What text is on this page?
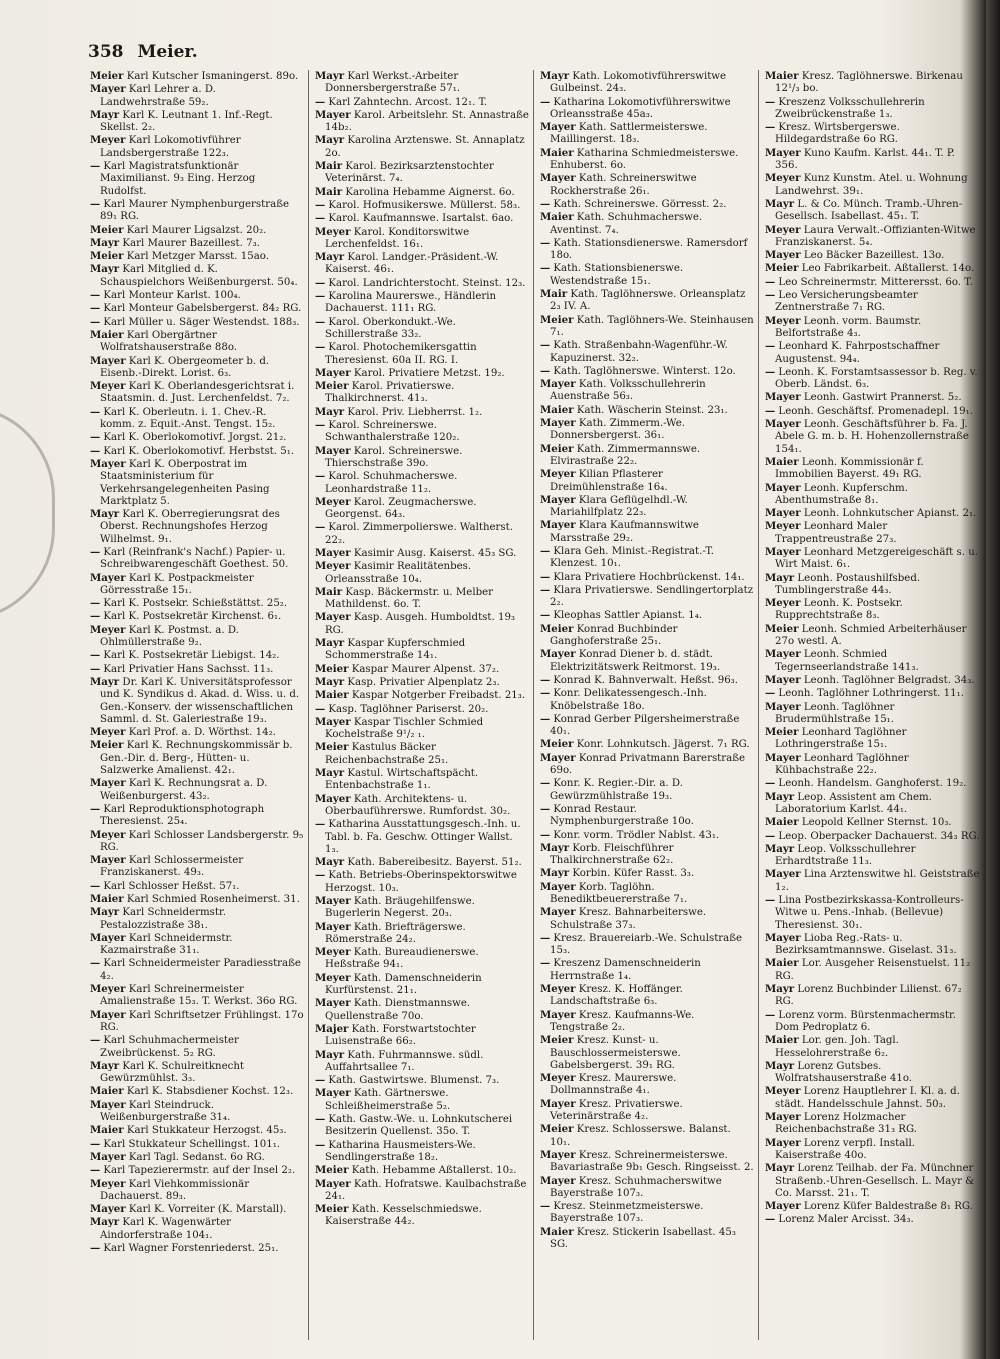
358 Meier.

Meier Karl Kutscher Ismaningerst. 89o.

Mayer Karl Lehrer a. D. Landwehrstraße 59₂.

Mayr Karl K. Leutnant 1. Inf.-Regt. Skellst. 2₂.

Meyer Karl Lokomotivführer Landsbergerstraße 122₃.

— Karl Magistratsfunktionär Maximilianst. 9₃ Eing. Herzog Rudolfst.

— Karl Maurer Nymphenburgerstraße 89₁ RG.

Meier Karl Maurer Ligsalzst. 20₂.

Mayr Karl Maurer Bazeillest. 7₃.

Meier Karl Metzger Marsst. 15ao.

Mayr Karl Mitglied d. K. Schauspielchors Weißenburgerst. 50₄.

— Karl Monteur Karlst. 100₄.

— Karl Monteur Gabelsbergerst. 84₂ RG.

— Karl Müller u. Säger Westendst. 188₃.

Maier Karl Obergärtner Wolfratshauserstraße 88o.

Mayer Karl K. Obergeometer b. d. Eisenb.-Direkt. Lorist. 6₃.

Meyer Karl K. Oberlandesgerichtsrat i. Staatsmin. d. Just. Lerchenfeldst. 7₂.

— Karl K. Oberleutn. i. 1. Chev.-R. komm. z. Equit.-Anst. Tengst. 15₂.

— Karl K. Oberlokomotivf. Jorgst. 21₂.

— Karl K. Oberlokomotivf. Herbstst. 5₁.

Mayer Karl K. Oberpostrat im Staatsministerium für Verkehrsangelegenheiten Pasing Marktplatz 5.

Mayr Karl K. Oberregierungsrat des Oberst. Rechnungshofes Herzog Wilhelmst. 9₁.

— Karl (Reinfrank's Nachf.) Papier- u. Schreibwarengeschäft Goethest. 50.

Mayer Karl K. Postpackmeister Görresstraße 15₁.

— Karl K. Postsekr. Schießstättst. 25₂.

— Karl K. Postsekretär Kirchenst. 6₁.

Meyer Karl K. Postmst. a. D. Ohlmüllerstraße 9₂.

— Karl K. Postsekretär Liebigst. 14₂.

— Karl Privatier Hans Sachsst. 11₃.

Mayr Dr. Karl K. Universitätsprofessor und K. Syndikus d. Akad. d. Wiss. u. d. Gen.-Konserv. der wissenschaftlichen Samml. d. St. Galeriestraße 19₃.

Meyer Karl Prof. a. D. Wörthst. 14₂.

Meier Karl K. Rechnungskommissär b. Gen.-Dir. d. Berg-, Hütten- u. Salzwerke Amalienst. 42₁.

Mayer Karl K. Rechnungsrat a. D. Weißenburgerst. 43₂.

— Karl Reproduktionsphotograph Theresienst. 25₄.

Meyer Karl Schlosser Landsbergerstr. 9₅ RG.

Mayer Karl Schlossermeister Franziskanerst. 49₃.

— Karl Schlosser Heßst. 57₁.

Maier Karl Schmied Rosenheimerst. 31.

Mayr Karl Schneidermstr. Pestalozzistraße 38₁.

Mayer Karl Schneidermstr. Kazmairstraße 31₁.

— Karl Schneidermeister Paradiesstraße 4₂.

Meyer Karl Schreinermeister Amalienstraße 15₃. T. Werkst. 36o RG.

Mayer Karl Schriftsetzer Frühlingst. 17o RG.

— Karl Schuhmachermeister Zweibrückenst. 5₂ RG.

Mayr Karl K. Schulreitknecht Gewürzmühlst. 3₃.

Maier Karl K. Stabsdiener Kochst. 12₃.

Mayer Karl Steindruck. Weißenburgerstraße 31₄.

Maier Karl Stukkateur Herzogst. 45₃.

— Karl Stukkateur Schellingst. 101₁.

Mayer Karl Tagl. Sedanst. 6o RG.

— Karl Tapezierermstr. auf der Insel 2₂.

Meyer Karl Viehkommissionär Dachauerst. 89₃.

Mayer Karl K. Vorreiter (K. Marstall).

Mayr Karl K. Wagenwärter Aindorferstraße 104₁.

— Karl Wagner Forstenriederst. 25₁.

Mayr Karl Werkst.-Arbeiter Donnersbergerstraße 57₁.

— Karl Zahntechn. Arcost. 12₁. T.

Mayer Karol. Arbeitslehr. St. Annastraße 14b₂.

Mayr Karolina Arztenswe. St. Annaplatz 2o.

Mair Karol. Bezirksarztenstochter Veterinärst. 7₄.

Mair Karolina Hebamme Aignerst. 6o.

— Karol. Hofmusikerswe. Müllerst. 58₃.

— Karol. Kaufmannswe. Isartalst. 6ao.

Meyer Karol. Konditorswitwe Lerchenfeldst. 16₁.

Mayr Karol. Landger.-Präsident.-W. Kaiserst. 46₁.

— Karol. Landrichterstocht. Steinst. 12₃.

— Karolina Maurerswe., Händlerin Dachauerst. 111₁ RG.

— Karol. Oberkondukt.-We. Schillerstraße 33₂.

— Karol. Photochemikersgattin Theresienst. 60a II. RG. I.

Mayer Karol. Privatiere Metzst. 19₂.

Meier Karol. Privatierswe. Thalkirchnerst. 41₃.

Mayr Karol. Priv. Liebherrst. 1₂.

— Karol. Schreinerswe. Schwanthalerstraße 120₂.

Mayer Karol. Schreinerswe. Thierschstraße 39o.

— Karol. Schuhmacherswe. Leonhardstraße 11₂.

Meyer Karol. Zeugmacherswe. Georgenst. 64₃.

— Karol. Zimmerpolierswe. Waltherst. 22₂.

Mayer Kasimir Ausg. Kaiserst. 45₃ SG.

Meyer Kasimir Realitätenbes. Orleansstraße 10₄.

Mair Kasp. Bäckermstr. u. Melber Mathildenst. 6o. T.

Mayer Kasp. Ausgeh. Humboldtst. 19₃ RG.

Mayr Kaspar Kupferschmied Schommerstraße 14₁.

Meier Kaspar Maurer Alpenst. 37₂.

Mayr Kasp. Privatier Alpenplatz 2₃.

Maier Kaspar Notgerber Freibadst. 21₃.

— Kasp. Taglöhner Pariserst. 20₂.

Mayer Kaspar Tischler Schmied Kochelstraße 9¹/₂ ₁.

Meier Kastulus Bäcker Reichenbachstraße 25₁.

Mayr Kastul. Wirtschaftspächt. Entenbachstraße 1₁.

Mayer Kath. Architektens- u. Oberbauführerswe. Rumfordst. 30₂.

— Katharina Ausstattungsgesch.-Inh. u. Tabl. b. Fa. Geschw. Ottinger Wallst. 1₃.

Mayr Kath. Babereibesitz. Bayerst. 51₂.

— Kath. Betriebs-Oberinspektorswitwe Herzogst. 10₃.

Mayer Kath. Bräugehilfenswe. Bugerlerin Negerst. 20₃.

Mayer Kath. Briefträgerswe. Römerstraße 24₂.

Meyer Kath. Bureaudienerswe. Heßstraße 94₁.

Meyer Kath. Damenschneiderin Kurfürstenst. 21₁.

Mayer Kath. Dienstmannswe. Quellenstraße 70o.

Majer Kath. Forstwartstochter Luisenstraße 66₂.

Mayr Kath. Fuhrmannswe. südl. Auffahrtsallee 7₁.

— Kath. Gastwirtswe. Blumenst. 7₃.

Mayer Kath. Gärtnerswe. Schleißheimerstraße 5₂.

— Kath. Gastw.-We. u. Lohnkutscherei Besitzerin Quellenst. 35o. T.

— Katharina Hausmeisters-We. Sendlingerstraße 18₂.

Meier Kath. Hebamme Aßtallerst. 10₂.

Mayer Kath. Hofratswe. Kaulbachstraße 24₁.

Meier Kath. Kesselschmiedswe. Kaiserstraße 44₂.

Mayr Kath. Lokomotivführerswitwe Gulbeinst. 24₃.

— Katharina Lokomotivführerswitwe Orleansstraße 45a₃.

Mayer Kath. Sattlermeisterswe. Maillingerst. 18₃.

Maier Katharina Schmiedmeisterswe. Enhuberst. 6o.

Mayer Kath. Schreinerswitwe Rockherstraße 26₁.

— Kath. Schreinerswe. Görresst. 2₂.

Maier Kath. Schuhmacherswe. Aventinst. 7₄.

— Kath. Stationsdienerswe. Ramersdorf 18o.

— Kath. Stationsbienerswe. Westendstraße 15₁.

Mair Kath. Taglöhnerswe. Orleansplatz 2₃ IV. A.

Meier Kath. Taglöhners-We. Steinhausen 7₁.

— Kath. Straßenbahn-Wagenführ.-W. Kapuzinerst. 32₂.

— Kath. Taglöhnerswe. Winterst. 12o.

Mayer Kath. Volksschullehrerin Auenstraße 56₃.

Maier Kath. Wäscherin Steinst. 23₁.

Mayer Kath. Zimmerm.-We. Donnersbergerst. 36₁.

Meier Kath. Zimmermannswe. Elvirastraße 22₂.

Meyer Kilian Pflasterer Dreimühlenstraße 16₄.

Mayer Klara Geflügelhdl.-W. Mariahilfplatz 22₃.

Mayer Klara Kaufmannswitwe Marsstraße 29₂.

— Klara Geh. Minist.-Registrat.-T. Klenzest. 10₁.

— Klara Privatiere Hochbrückenst. 14₁.

— Klara Privatierswe. Sendlingertorplatz 2₂.

— Kleophas Sattler Apianst. 1₄.

Meier Konrad Buchbinder Ganghoferstraße 25₁.

Mayer Konrad Diener b. d. städt. Elektrizitätswerk Reitmorst. 19₃.

— Konrad K. Bahnverwalt. Heßst. 96₃.

— Konr. Delikatessengesch.-Inh. Knöbelstraße 18o.

— Konrad Gerber Pilgersheimerstraße 40₁.

Meier Konr. Lohnkutsch. Jägerst. 7₁ RG.

Mayer Konrad Privatmann Barerstraße 69o.

— Konr. K. Regier.-Dir. a. D. Gewürzmühlstraße 19₃.

— Konrad Restaur. Nymphenburgerstraße 10o.

— Konr. vorm. Trödler Nablst. 43₁.

Mayr Korb. Fleischführer Thalkirchnerstraße 62₂.

Mayr Korbin. Küfer Rasst. 3₃.

Mayer Korb. Taglöhn. Benediktbeuererstraße 7₁.

Mayer Kresz. Bahnarbeiterswe. Schulstraße 37₃.

— Kresz. Brauereiarb.-We. Schulstraße 15₃.

— Kreszenz Damenschneiderin Herrnstraße 1₄.

Meyer Kresz. K. Hoffänger. Landschaftstraße 6₃.

Mayer Kresz. Kaufmanns-We. Tengstraße 2₂.

Meier Kresz. Kunst- u. Bauschlossermeisterswe. Gabelsbergerst. 39₁ RG.

Meyer Kresz. Maurerswe. Dollmannstraße 4₁.

Mayer Kresz. Privatierswe. Veterinärstraße 4₂.

Meier Kresz. Schlosserswe. Balanst. 10₁.

Mayer Kresz. Schreinermeisterswe. Bavariastraße 9b₁ Gesch. Ringseisst. 2.

Mayer Kresz. Schuhmacherswitwe Bayerstraße 107₃.

— Kresz. Steinmetzmeisterswe. Bayerstraße 107₃.

Maier Kresz. Stickerin Isabellast. 45₃ SG.

Maier Kresz. Taglöhnerswe. Birkenau 12¹/₃ bo.

— Kreszenz Volksschullehrerin Zweibrückenstraße 1₃.

— Kresz. Wirtsbergerswe. Hildegardstraße 6o RG.

Mayer Kuno Kaufm. Karlst. 44₁. T. P. 356.

Meyer Kunz Kunstm. Atel. u. Wohnung Landwehrst. 39₁.

Mayr L. & Co. Münch. Tramb.-Uhren-Gesellsch. Isabellast. 45₁. T.

Meyer Laura Verwalt.-Offizianten-Witwe Franziskanerst. 5₄.

Mayer Leo Bäcker Bazeillest. 13o.

Meier Leo Fabrikarbeit. Aßtallerst. 14o.

— Leo Schreinermstr. Mitterersst. 6o. T.

— Leo Versicherungsbeamter Zentnerstraße 7₁ RG.

Meyer Leonh. vorm. Baumstr. Belfortstraße 4₃.

— Leonhard K. Fahrpostschaffner Augustenst. 94₄.

— Leonh. K. Forstamtsassessor b. Reg. v. Oberb. Ländst. 6₃.

Mayer Leonh. Gastwirt Prannerst. 5₂.

— Leonh. Geschäftsf. Promenadepl. 19₁.

Mayer Leonh. Geschäftsführer b. Fa. J. Abele G. m. b. H. Hohenzollernstraße 154₁.

Maier Leonh. Kommissionär f. Immobilien Bayerst. 49₁ RG.

Mayer Leonh. Kupferschm. Abenthumstraße 8₁.

Mayer Leonh. Lohnkutscher Apianst. 2₁.

Meyer Leonhard Maler Trappentreustraße 27₃.

Mayer Leonhard Metzgereigeschäft s. u. Wirt Maist. 6₁.

Mayr Leonh. Postaushilfsbed. Tumblingerstraße 44₃.

Meyer Leonh. K. Postsekr. Rupprechtstraße 8₃.

Meier Leonh. Schmied Arbeiterhäuser 27o westl. A.

Mayer Leonh. Schmied Tegernseerlandstraße 141₃.

Mayer Leonh. Taglöhner Belgradst. 34₃.

— Leonh. Taglöhner Lothringerst. 11₁.

Mayer Leonh. Taglöhner Brudermühlstraße 15₁.

Meier Leonhard Taglöhner Lothringerstraße 15₁.

Mayer Leonhard Taglöhner Kühbachstraße 22₂.

— Leonh. Handelsm. Ganghoferst. 19₂.

Mayr Leop. Assistent am Chem. Laboratorium Karlst. 44₁.

Maier Leopold Kellner Sternst. 10₃.

— Leop. Oberpacker Dachauerst. 34₃ RG.

Mayr Leop. Volksschullehrer Erhardtstraße 11₃.

Mayer Lina Arztenswitwe hl. Geiststraße 1₂.

— Lina Postbezirkskassa-Kontrolleurs-Witwe u. Pens.-Inhab. (Bellevue) Theresienst. 30₁.

Mayer Lioba Reg.-Rats- u. Bezirksamtmannswe. Giselast. 31₃.

Maier Lor. Ausgeher Reisenstuelst. 11₂ RG.

Mayr Lorenz Buchbinder Lilienst. 67₂ RG.

— Lorenz vorm. Bürstenmachermstr. Dom Pedroplatz 6.

Maier Lor. gen. Joh. Tagl. Hesselohrerstraße 6₂.

Mayr Lorenz Gutsbes. Wolfratshauserstraße 41o.

Meyer Lorenz Hauptlehrer I. Kl. a. d. städt. Handelsschule Jahnst. 50₃.

Mayer Lorenz Holzmacher Reichenbachstraße 31₃ RG.

Mayer Lorenz verpfl. Install. Kaiserstraße 40o.

Mayr Lorenz Teilhab. der Fa. Münchner Straßenb.-Uhren-Gesellsch. L. Mayr & Co. Marsst. 21₁. T.

Mayer Lorenz Küfer Baldestraße 8₁ RG.

— Lorenz Maler Arcisst. 34₃.
